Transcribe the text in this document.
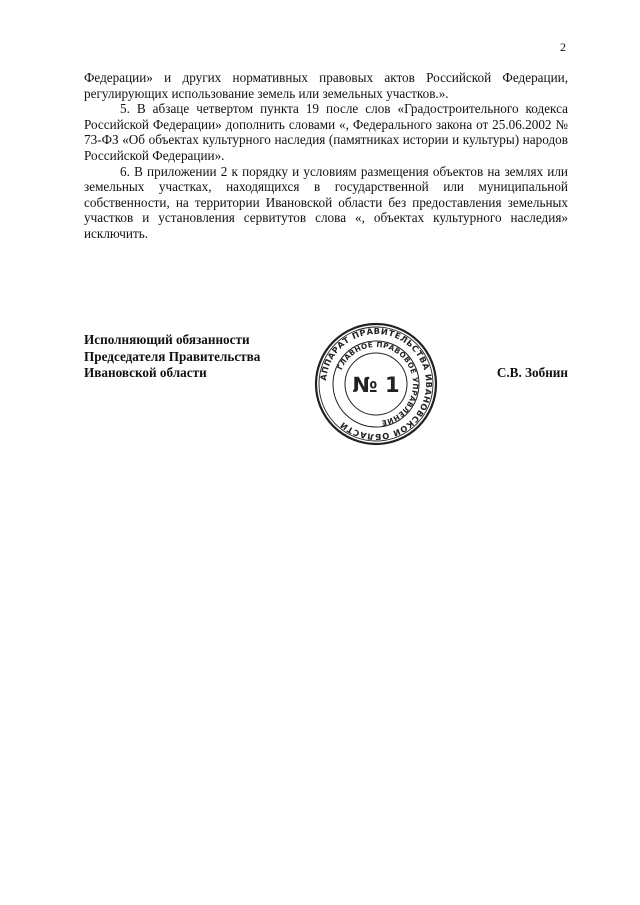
2

Федерации» и других нормативных правовых актов Российской Федерации, регулирующих использование земель или земельных участков.».

5. В абзаце четвертом пункта 19 после слов «Градостроительного кодекса Российской Федерации» дополнить словами «, Федерального закона от 25.06.2002 № 73-ФЗ «Об объектах культурного наследия (памятниках истории и культуры) народов Российской Федерации».

6. В приложении 2 к порядку и условиям размещения объектов на землях или земельных участках, находящихся в государственной или муниципальной собственности, на территории Ивановской области без предоставления земельных участков и установления сервитутов слова «, объектах культурного наследия» исключить.

Исполняющий обязанности
Председателя Правительства
Ивановской области	С.В. Зобнин
АППАРАТ ПРАВИТЕЛЬСТВА ИВАНОВСКОЙ ОБЛАСТИ
ГЛАВНОЕ ПРАВОВОЕ УПРАВЛЕНИЕ
№ 1
